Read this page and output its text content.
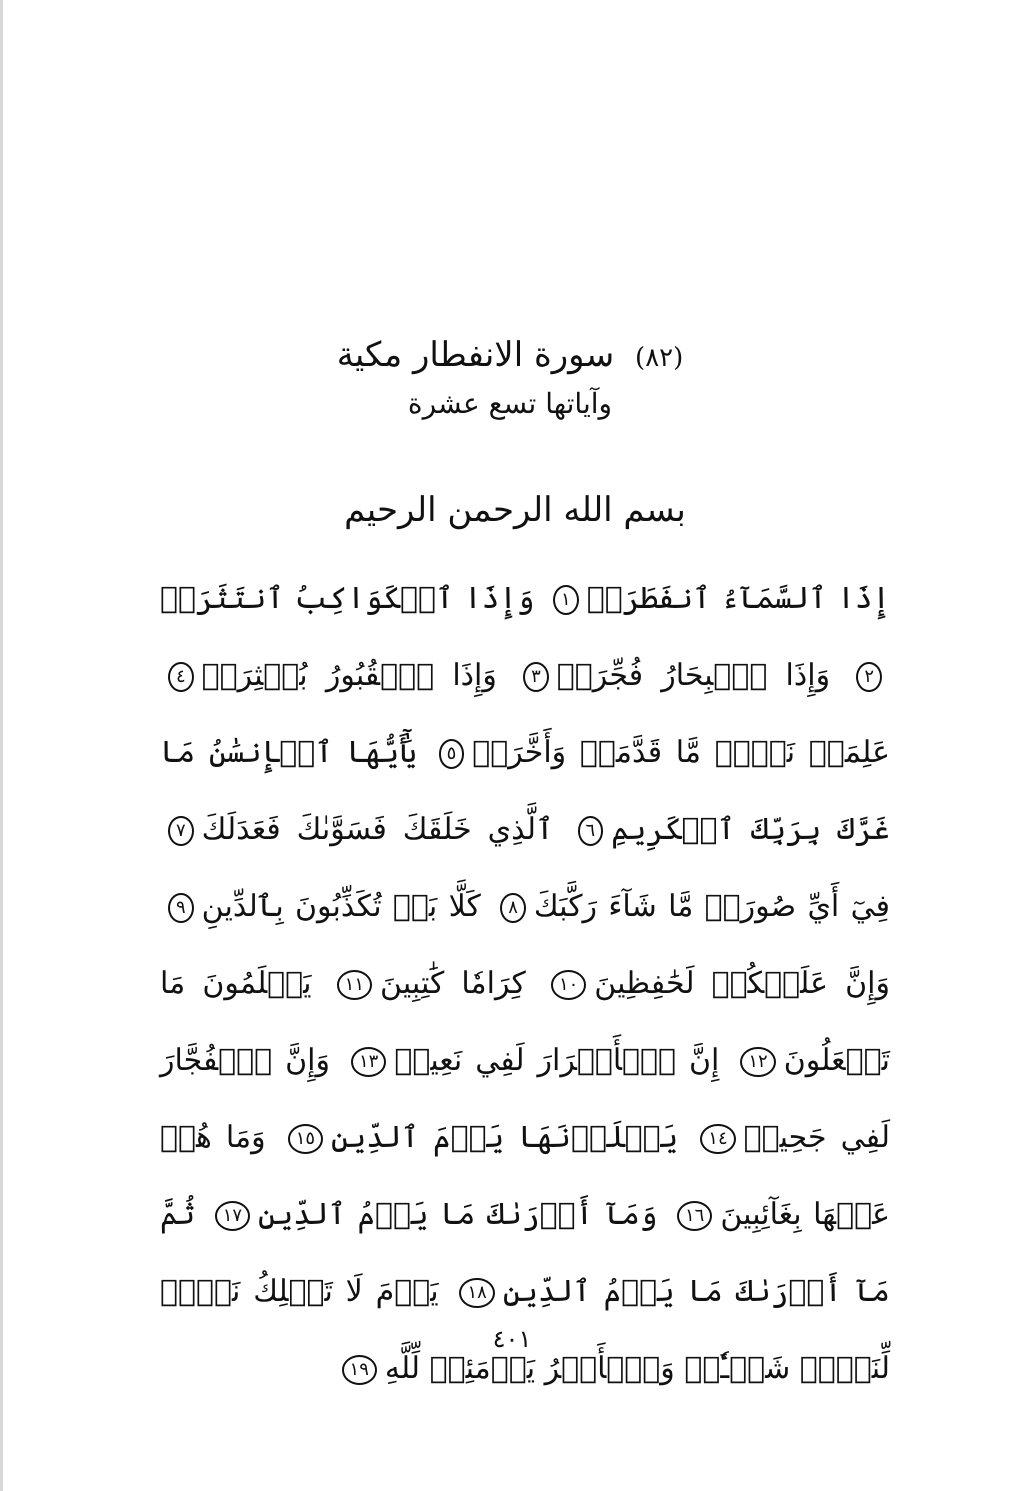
(٨٢) سورة الانفطار مكية
وآياتها تسع عشرة
بسم الله الرحمن الرحيم
إِذَا ٱلسَّمَآءُ ٱنفَطَرَتۡ١ وَإِذَا ٱلۡكَوَاكِبُ ٱنتَثَرَتۡ٢ وَإِذَا ٱلۡبِحَارُ فُجِّرَتۡ٣ وَإِذَا ٱلۡقُبُورُ بُعۡثِرَتۡ٤ عَلِمَتۡ نَفۡسٞ مَّا قَدَّمَتۡ وَأَخَّرَتۡ٥ يَٰٓأَيُّهَا ٱلۡإِنسَٰنُ مَا غَرَّكَ بِرَبِّكَ ٱلۡكَرِيمِ٦ ٱلَّذِي خَلَقَكَ فَسَوَّىٰكَ فَعَدَلَكَ٧ فِيٓ أَيِّ صُورَةٖ مَّا شَآءَ رَكَّبَكَ٨ كَلَّا بَلۡ تُكَذِّبُونَ بِٱلدِّينِ٩ وَإِنَّ عَلَيۡكُمۡ لَحَٰفِظِينَ١٠ كِرَامٗا كَٰتِبِينَ١١ يَعۡلَمُونَ مَا تَفۡعَلُونَ١٢ إِنَّ ٱلۡأَبۡرَارَ لَفِي نَعِيمٖ١٣ وَإِنَّ ٱلۡفُجَّارَ لَفِي جَحِيمٖ١٤ يَصۡلَوۡنَهَا يَوۡمَ ٱلدِّينِ١٥ وَمَا هُمۡ عَنۡهَا بِغَآئِبِينَ١٦ وَمَآ أَدۡرَىٰكَ مَا يَوۡمُ ٱلدِّينِ١٧ ثُمَّ مَآ أَدۡرَىٰكَ مَا يَوۡمُ ٱلدِّينِ١٨ يَوۡمَ لَا تَمۡلِكُ نَفۡسٞ لِّنَفۡسٖ شَيۡـٔٗاۖ وَٱلۡأَمۡرُ يَوۡمَئِذٖ لِّلَّهِ١٩
٤٠١
